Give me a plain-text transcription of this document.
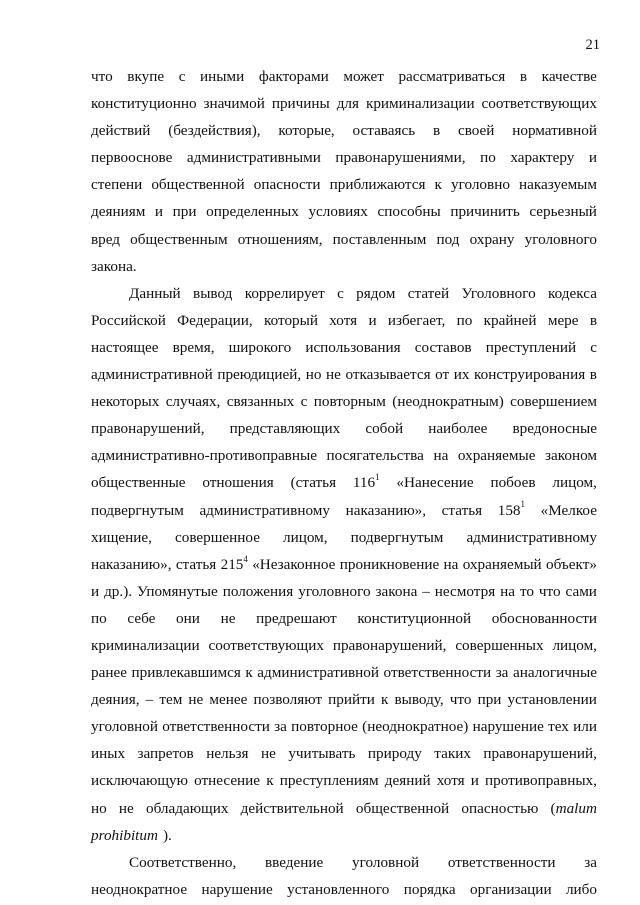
21
что вкупе с иными факторами может рассматриваться в качестве
конституционно значимой причины для криминализации соответствующих
действий (бездействия), которые, оставаясь в своей нормативной
первооснове административными правонарушениями, по характеру и
степени общественной опасности приближаются к уголовно наказуемым
деяниям и при определенных условиях способны причинить серьезный
вред общественным отношениям, поставленным под охрану уголовного
закона.
Данный вывод коррелирует с рядом статей Уголовного кодекса
Российской Федерации, который хотя и избегает, по крайней мере в
настоящее время, широкого использования составов преступлений с
административной преюдицией, но не отказывается от их конструирования в
некоторых случаях, связанных с повторным (неоднократным) совершением
правонарушений, представляющих собой наиболее вредоносные
административно-противоправные посягательства на охраняемые законом
общественные отношения (статья $116^1$ «Нанесение побоев лицом,
подвергнутым административному наказанию», статья $158^1$ «Мелкое
хищение, совершенное лицом, подвергнутым административному
наказанию», статья $215^4$ «Незаконное проникновение на охраняемый объект»
и др.). Упомянутые положения уголовного закона – несмотря на то что сами
по себе они не предрешают конституционной обоснованности
криминализации соответствующих правонарушений, совершенных лицом,
ранее привлекавшимся к административной ответственности за аналогичные
деяния, – тем не менее позволяют прийти к выводу, что при установлении
уголовной ответственности за повторное (неоднократное) нарушение тех или
иных запретов нельзя не учитывать природу таких правонарушений,
исключающую отнесение к преступлениям деяний хотя и противоправных,
но не обладающих действительной общественной опасностью (malum
prohibitum ).
Соответственно, введение уголовной ответственности за
неоднократное нарушение установленного порядка организации либо
